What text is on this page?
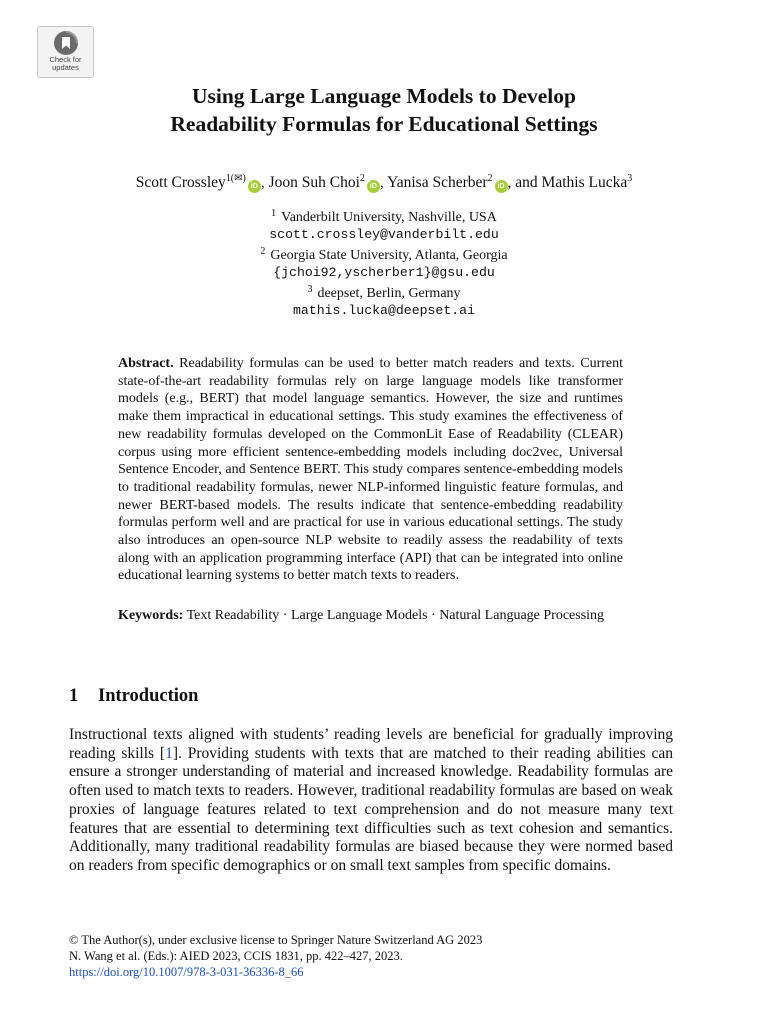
Check for
updates
Using Large Language Models to Develop
Readability Formulas for Educational Settings
Scott Crossley$^{1(✉)}$iD , Joon Suh Choi$^2$iD , Yanisa Scherber$^2$iD , and Mathis Lucka$^3$
$^1$ Vanderbilt University, Nashville, USA
scott.crossley@vanderbilt.edu
$^2$ Georgia State University, Atlanta, Georgia
{jchoi92,yscherber1}@gsu.edu
$^3$ deepset, Berlin, Germany
mathis.lucka@deepset.ai
Abstract. Readability formulas can be used to better match readers and texts. Current state-of-the-art readability formulas rely on large language models like transformer models (e.g., BERT) that model language semantics. However, the size and runtimes make them impractical in educational settings. This study examines the effectiveness of new readability formulas developed on the CommonLit Ease of Readability (CLEAR) corpus using more efficient sentence-embedding models including doc2vec, Universal Sentence Encoder, and Sentence BERT. This study compares sentence-embedding models to traditional readability formulas, newer NLP-informed linguistic feature formulas, and newer BERT-based models. The results indicate that sentence-embedding readability formulas perform well and are practical for use in various educational settings. The study also introduces an open-source NLP website to readily assess the readability of texts along with an application programming interface (API) that can be integrated into online educational learning systems to better match texts to readers.
Keywords: Text Readability · Large Language Models · Natural Language Processing
1 Introduction
Instructional texts aligned with students’ reading levels are beneficial for gradually improving reading skills [1]. Providing students with texts that are matched to their reading abilities can ensure a stronger understanding of material and increased knowledge. Readability formulas are often used to match texts to readers. However, traditional readability formulas are based on weak proxies of language features related to text comprehension and do not measure many text features that are essential to determining text difficulties such as text cohesion and semantics. Additionally, many traditional readability formulas are biased because they were normed based on readers from specific demographics or on small text samples from specific domains.
© The Author(s), under exclusive license to Springer Nature Switzerland AG 2023
N. Wang et al. (Eds.): AIED 2023, CCIS 1831, pp. 422–427, 2023.
https://doi.org/10.1007/978-3-031-36336-8_66
